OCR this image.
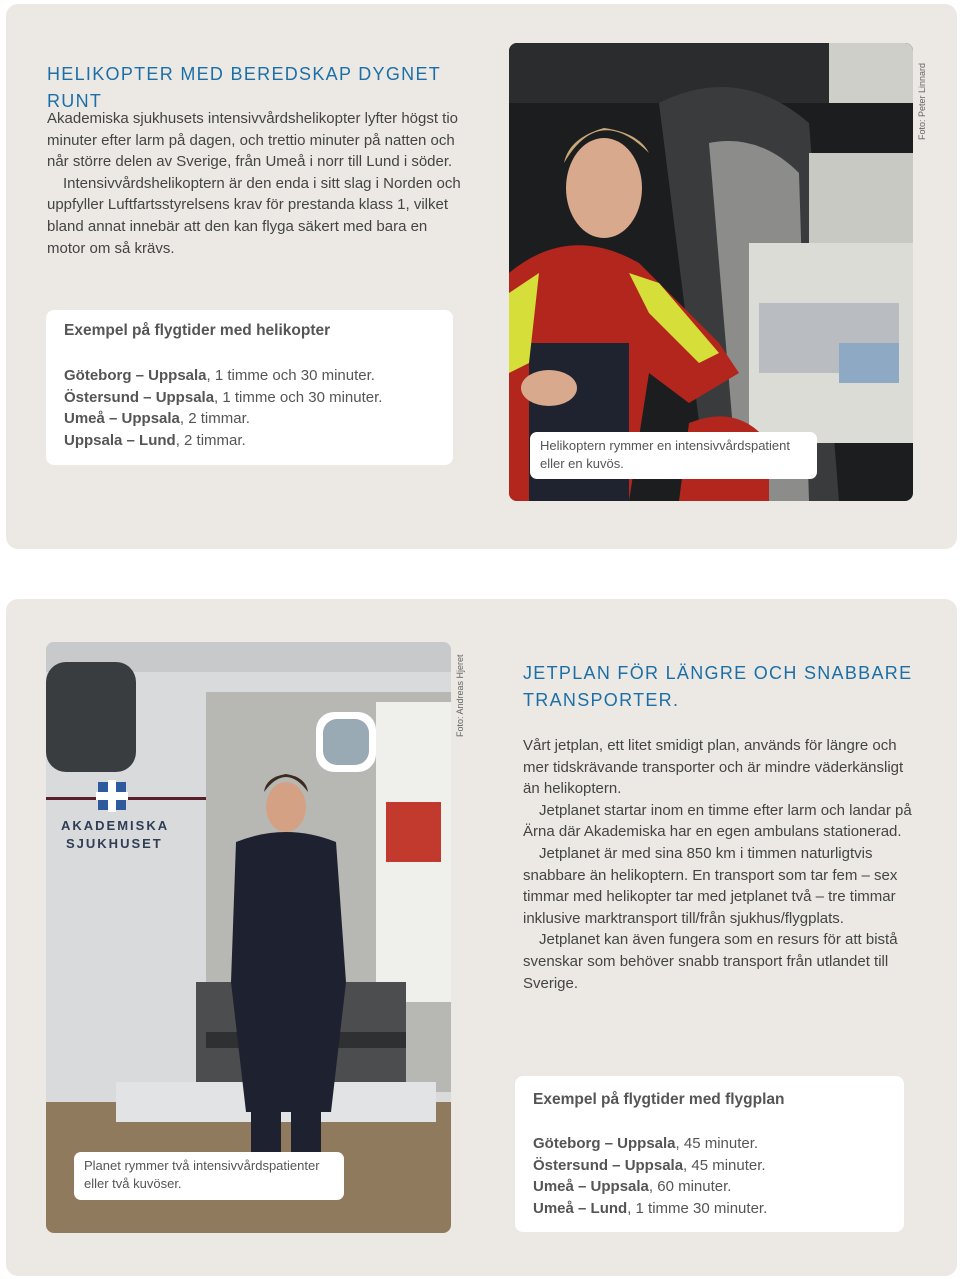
HELIKOPTER MED BEREDSKAP DYGNET RUNT

Akademiska sjukhusets intensivvårdshelikopter lyfter högst tio minuter efter larm på dagen, och trettio minuter på natten och når större delen av Sverige, från Umeå i norr till Lund i söder.

Intensivvårdshelikoptern är den enda i sitt slag i Norden och uppfyller Luftfartsstyrelsens krav för prestanda klass 1, vilket bland annat innebär att den kan flyga säkert med bara en motor om så krävs.

Exempel på flygtider med helikopter
Göteborg – Uppsala, 1 timme och 30 minuter.
Östersund – Uppsala, 1 timme och 30 minuter.
Umeå – Uppsala, 2 timmar.
Uppsala – Lund, 2 timmar.
Foto: Peter Linnard
Helikoptern rymmer en intensivvårdspatient eller en kuvös.
AKADEMISKA
SJUKHUSET
Foto: Andreas Hjeret
Planet rymmer två intensivvårdspatienter eller två kuvöser.
JETPLAN FÖR LÄNGRE OCH SNABBARE TRANSPORTER.

Vårt jetplan, ett litet smidigt plan, används för längre och mer tidskrävande transporter och är mindre väderkänsligt än helikoptern.

Jetplanet startar inom en timme efter larm och landar på Ärna där Akademiska har en egen ambulans stationerad.

Jetplanet är med sina 850 km i timmen naturligtvis snabbare än helikoptern. En transport som tar fem – sex timmar med helikopter tar med jetplanet två – tre timmar inklusive marktransport till/från sjukhus/flygplats.

Jetplanet kan även fungera som en resurs för att bistå svenskar som behöver snabb transport från utlandet till Sverige.

Exempel på flygtider med flygplan
Göteborg – Uppsala, 45 minuter.
Östersund – Uppsala, 45 minuter.
Umeå – Uppsala, 60 minuter.
Umeå – Lund, 1 timme 30 minuter.
